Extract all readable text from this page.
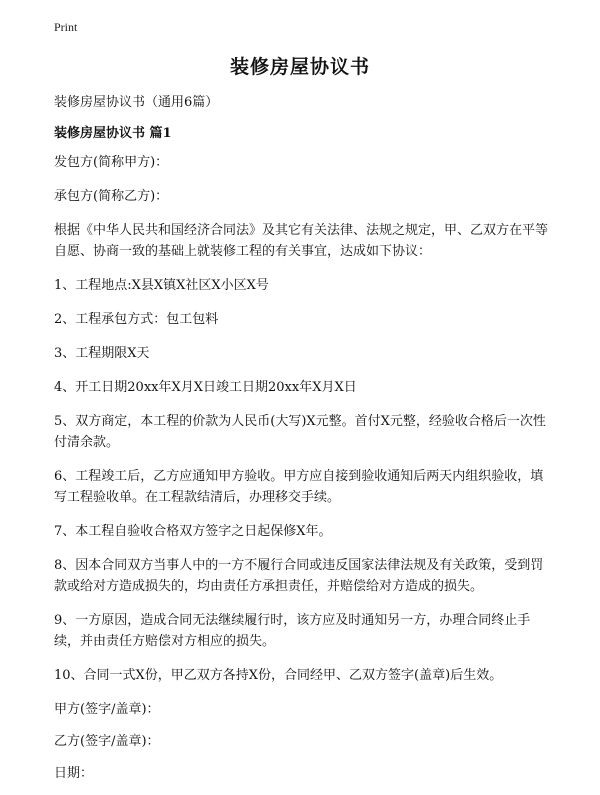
Print
装修房屋协议书

装修房屋协议书（通用6篇）

装修房屋协议书 篇1

发包方(简称甲方)：

承包方(简称乙方)：

根据《中华人民共和国经济合同法》及其它有关法律、法规之规定，甲、乙双方在平等自愿、协商一致的基础上就装修工程的有关事宜，达成如下协议：

1、工程地点:X县X镇X社区X小区X号

2、工程承包方式：包工包料

3、工程期限X天

4、开工日期20xx年X月X日竣工日期20xx年X月X日

5、双方商定，本工程的价款为人民币(大写)X元整。首付X元整，经验收合格后一次性付清余款。

6、工程竣工后，乙方应通知甲方验收。甲方应自接到验收通知后两天内组织验收，填写工程验收单。在工程款结清后，办理移交手续。

7、本工程自验收合格双方签字之日起保修X年。

8、因本合同双方当事人中的一方不履行合同或违反国家法律法规及有关政策，受到罚款或给对方造成损失的，均由责任方承担责任，并赔偿给对方造成的损失。

9、一方原因，造成合同无法继续履行时，该方应及时通知另一方，办理合同终止手续，并由责任方赔偿对方相应的损失。

10、合同一式X份，甲乙双方各持X份，合同经甲、乙双方签字(盖章)后生效。

甲方(签字/盖章)：

乙方(签字/盖章)：

日期：
